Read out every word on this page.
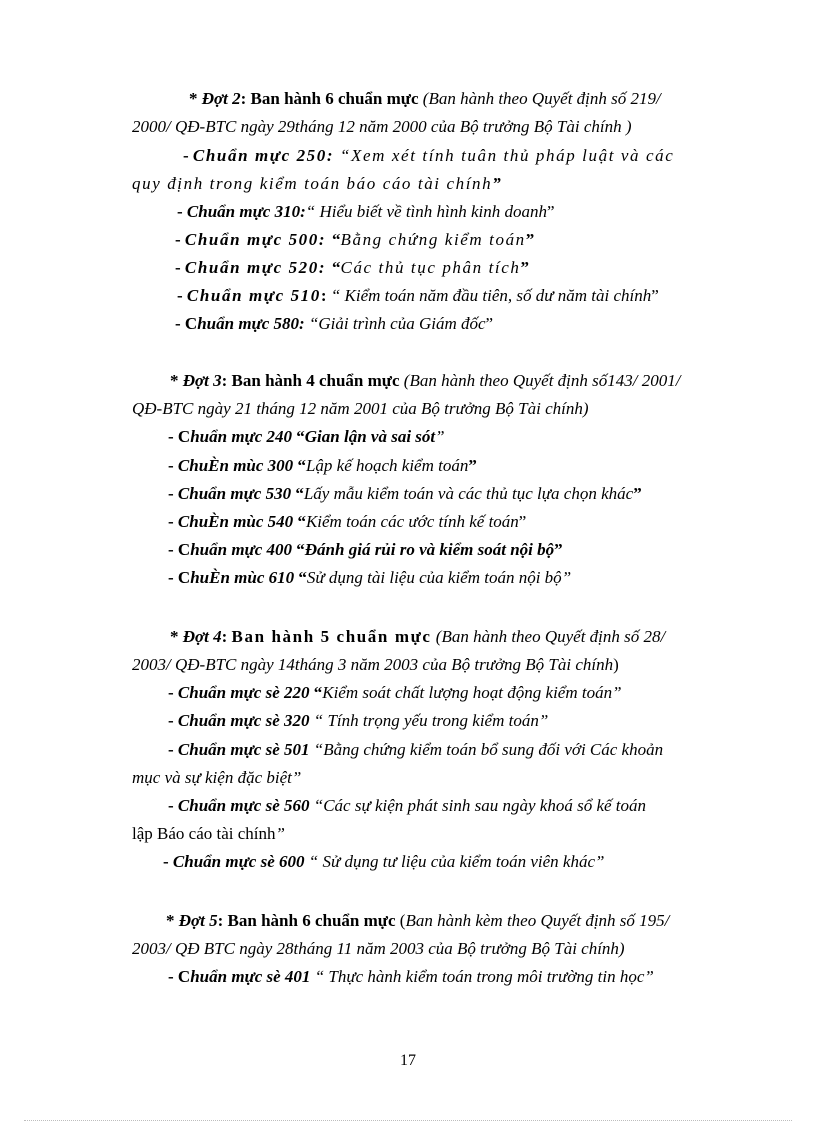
* Đợt 2: Ban hành 6 chuẩn mực (Ban hành theo Quyết định số 219/
2000/ QĐ-BTC ngày 29tháng 12 năm 2000 của Bộ trưởng Bộ Tài chính )
- Chuẩn mực 250: “Xem xét tính tuân thủ pháp luật và các
quy định trong kiểm toán báo cáo tài chính”
- Chuẩn mực 310:“ Hiểu biết về tình hình kinh doanh”
- Chuẩn mực 500: “Bằng chứng kiểm toán”
- Chuẩn mực 520: “Các thủ tục phân tích”
- Chuẩn mực 510: “ Kiểm toán năm đầu tiên, số dư năm tài chính”
- Chuẩn mực 580: “Giải trình của Giám đốc”
* Đợt 3: Ban hành 4 chuẩn mực (Ban hành theo Quyết định số143/ 2001/
QĐ-BTC ngày 21 tháng 12 năm 2001 của Bộ trưởng Bộ Tài chính)
- Chuẩn mực 240 “Gian lận và sai sót”
- ChuÈn mùc 300 “Lập kế hoạch kiểm toán”
- Chuẩn mực 530 “Lấy mẫu kiểm toán và các thủ tục lựa chọn khác”
- ChuÈn mùc 540 “Kiểm toán các ước tính kế toán”
- Chuẩn mực 400 “Đánh giá rủi ro và kiểm soát nội bộ”
- ChuÈn mùc 610 “Sử dụng tài liệu của kiểm toán nội bộ”
* Đợt 4: Ban hành 5 chuẩn mực (Ban hành theo Quyết định số 28/
2003/ QĐ-BTC ngày 14tháng 3 năm 2003 của Bộ trưởng Bộ Tài chính)
- Chuẩn mực sè 220 “Kiểm soát chất lượng hoạt động kiểm toán”
- Chuẩn mực sè 320 “ Tính trọng yếu trong kiểm toán”
- Chuẩn mực sè 501 “Bằng chứng kiểm toán bổ sung đối với Các khoản
mục và sự kiện đặc biệt”
- Chuẩn mực sè 560 “Các sự kiện phát sinh sau ngày khoá sổ kế toán
lập Báo cáo tài chính”
- Chuẩn mực sè 600 “ Sử dụng tư liệu của kiểm toán viên khác”
* Đợt 5: Ban hành 6 chuẩn mực (Ban hành kèm theo Quyết định số 195/
2003/ QĐ BTC ngày 28tháng 11 năm 2003 của Bộ trưởng Bộ Tài chính)
- Chuẩn mực sè 401 “ Thực hành kiểm toán trong môi trường tin học”
17
